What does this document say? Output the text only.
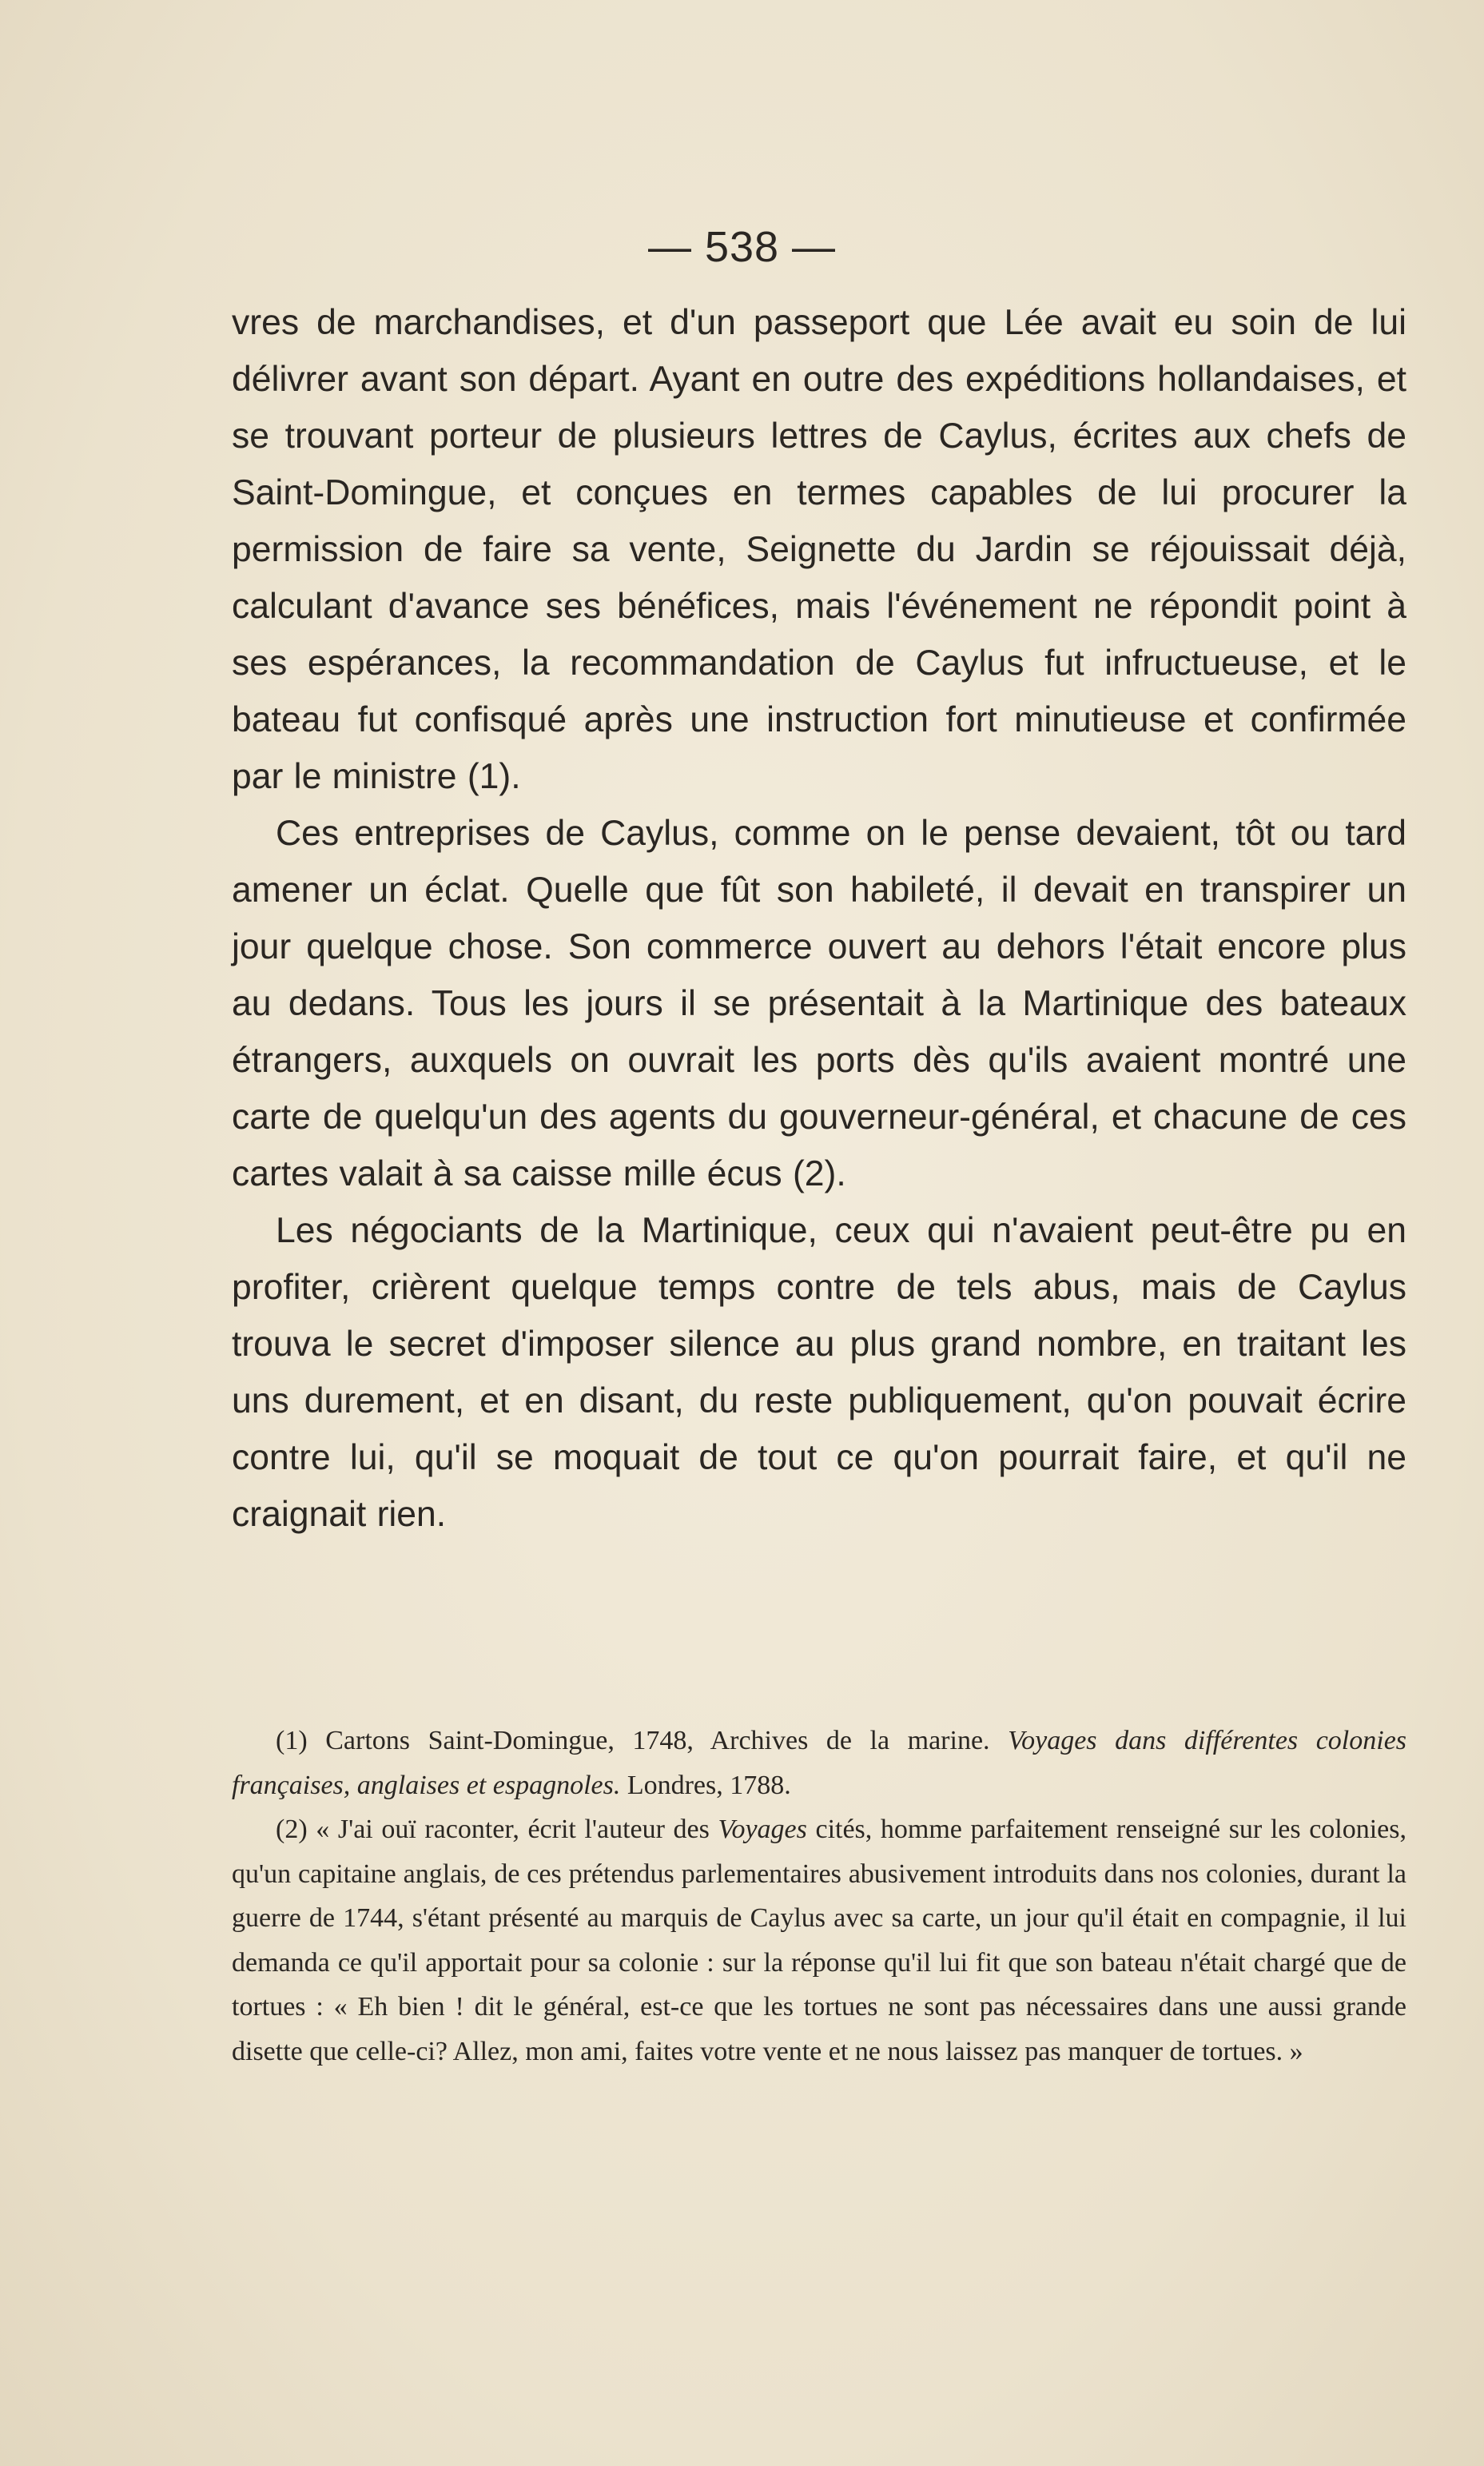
— 538 —

vres de marchandises, et d'un passeport que Lée avait eu soin de lui délivrer avant son départ. Ayant en outre des expéditions hollandaises, et se trouvant porteur de plusieurs lettres de Caylus, écrites aux chefs de Saint-Domingue, et conçues en termes capables de lui procurer la permission de faire sa vente, Seignette du Jardin se réjouissait déjà, calculant d'avance ses bénéfices, mais l'événement ne répondit point à ses espérances, la recommandation de Caylus fut infructueuse, et le bateau fut confisqué après une instruction fort minutieuse et confirmée par le ministre (1).

Ces entreprises de Caylus, comme on le pense devaient, tôt ou tard amener un éclat. Quelle que fût son habileté, il devait en transpirer un jour quelque chose. Son commerce ouvert au dehors l'était encore plus au dedans. Tous les jours il se présentait à la Martinique des bateaux étrangers, auxquels on ouvrait les ports dès qu'ils avaient montré une carte de quelqu'un des agents du gouverneur-général, et chacune de ces cartes valait à sa caisse mille écus (2).

Les négociants de la Martinique, ceux qui n'avaient peut-être pu en profiter, crièrent quelque temps contre de tels abus, mais de Caylus trouva le secret d'imposer silence au plus grand nombre, en traitant les uns durement, et en disant, du reste publiquement, qu'on pouvait écrire contre lui, qu'il se moquait de tout ce qu'on pourrait faire, et qu'il ne craignait rien.

(1) Cartons Saint-Domingue, 1748, Archives de la marine. Voyages dans différentes colonies françaises, anglaises et espagnoles. Londres, 1788.

(2) « J'ai ouï raconter, écrit l'auteur des Voyages cités, homme parfaitement renseigné sur les colonies, qu'un capitaine anglais, de ces prétendus parlementaires abusivement introduits dans nos colonies, durant la guerre de 1744, s'étant présenté au marquis de Caylus avec sa carte, un jour qu'il était en compagnie, il lui demanda ce qu'il apportait pour sa colonie : sur la réponse qu'il lui fit que son bateau n'était chargé que de tortues : « Eh bien ! dit le général, est-ce que les tortues ne sont pas nécessaires dans une aussi grande disette que celle-ci? Allez, mon ami, faites votre vente et ne nous laissez pas manquer de tortues. »
